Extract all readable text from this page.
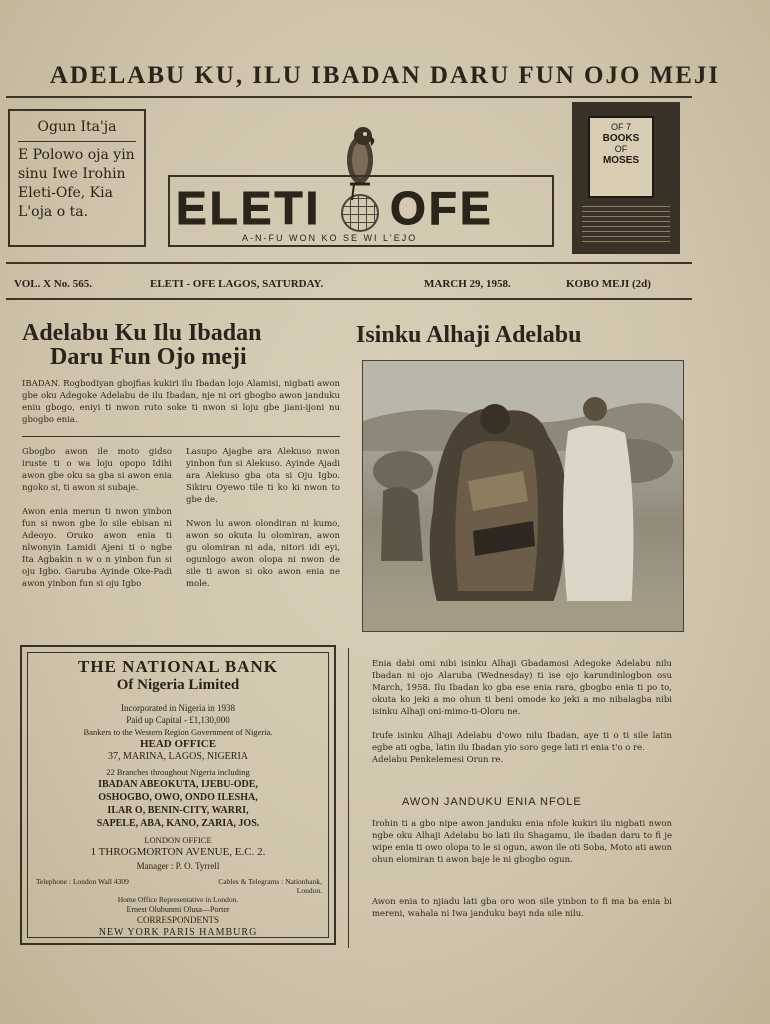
ADELABU KU, ILU IBADAN DARU FUN OJO MEJI
Ogun Ita'ja
E Polowo oja yin sinu Iwe Irohin Eleti-Ofe, Kia L'oja o ta.	ELETI OFE
A-N-FU WON KO SE WI L'EJO
OF 7
BOOKS
OF
MOSES
VOL. X No. 565.	ELETI - OFE LAGOS, SATURDAY.	MARCH 29, 1958.	KOBO MEJI (2d)
Adelabu Ku Ilu Ibadan
Daru Fun Ojo meji
IBADAN. Rogbodiyan gbojfias kukiri ilu Ibadan lojo Alamisi, nigbati awon gbe oku Adegoke Adelabu de ilu Ibadan, nje ni ori gbogbo awon janduku eniu gbogo, eniyi ti nwon ruto soke ti nwon si loju gbe jiani-ijoni nu gbogbo enia.
Gbogbo awon ile moto gidso iruste ti o wa loju opopo Idihi awon gbe oku sa gba si awon enia ngoko si, ti awon si subaje.

Awon enia merun ti nwon yinbon fun si nwon gbe lo sile ebisan ni Adeoyo. Oruko awon enia ti nlwonyin Lamidi Ajeni ti o ngbe Ita Agbakin n w o n yinbon fun si oju Igbo. Garuba Ayinde Oke-Padi awon yinbon fun si oju Igbo
Lasupo Ajagbe ara Alekuso nwon yinbon fun si Alekuso. Ayinde Ajadi ara Alekuso gba ota si Oju Igbo. Sikiru Oyewo tile ti ko ki nwon to gbe de.

Nwon lu awon olondiran ni kumo, awon so okuta lu olomiran, awon gu olomiran ni ada, nitori idi eyi, ogunlogo awon olopa ni nwon de sile ti awon si oko awon enia ne mole.
Isinku Alhaji Adelabu
Enia dabi omi nibi isinku Alhaji Gbadamosi Adegoke Adelabu nilu Ibadan ni ojo Alaruba (Wednesday) ti ise ojo karundinlogbon osu March, 1958. Ilu Ibadan ko gba ese enia rara, gbogbo enia ti po to, okuta ko jeki a mo ohun ti beni omode ko jeki a mo nibalagba nibi isinku Alhaji oni-mimo-ti-Oloru ne.

Irufe isinku Alhaji Adelabu d'owo nilu Ibadan, aye ti o ti sile latin egbe ati ogba, latin ilu Ibadan yio soro gege lati ri enia t'o o re.
Adelabu Penkelemesi Orun re.
AWON JANDUKU ENIA NFOLE
Irohin ti a gbo nipe awon janduku enia nfole kukiri ilu nigbati nwon ngbe oku Alhaji Adelabu bo lati ilu Shagamu, ile ibadan daru to fi je wipe enia ti owo olopa to le si ogun, awon ile oti Soba, Moto ati awon ohun elomiran ti awon baje le ni gbogbo ogun.
Awon enia to njiadu lati gba oro won sile yinbon to fi ma ba enia bi mereni, wahala ni Iwa janduku bayi nda sile nilu.
THE NATIONAL BANK
Of Nigeria Limited
Incorporated in Nigeria in 1938
Paid up Capital - £1,130,000
Bankers to the Western Region Government of Nigeria.
HEAD OFFICE
37, MARINA, LAGOS, NIGERIA
22 Branches throughout Nigeria including
IBADAN ABEOKUTA, IJEBU-ODE,
OSHOGBO, OWO, ONDO ILESHA,
ILAR O, BENIN-CITY, WARRI,
SAPELE, ABA, KANO, ZARIA, JOS.
LONDON OFFICE
1 THROGMORTON AVENUE, E.C. 2.
Manager : P. O. Tyrrell
Telephone : London Wall 4309	Cables & Telegrams : Nationbank, London.
Home Office Representative in London.
Ernest Olubunmi Olusa—Porter
CORRESPONDENTS
NEW YORK PARIS HAMBURG
